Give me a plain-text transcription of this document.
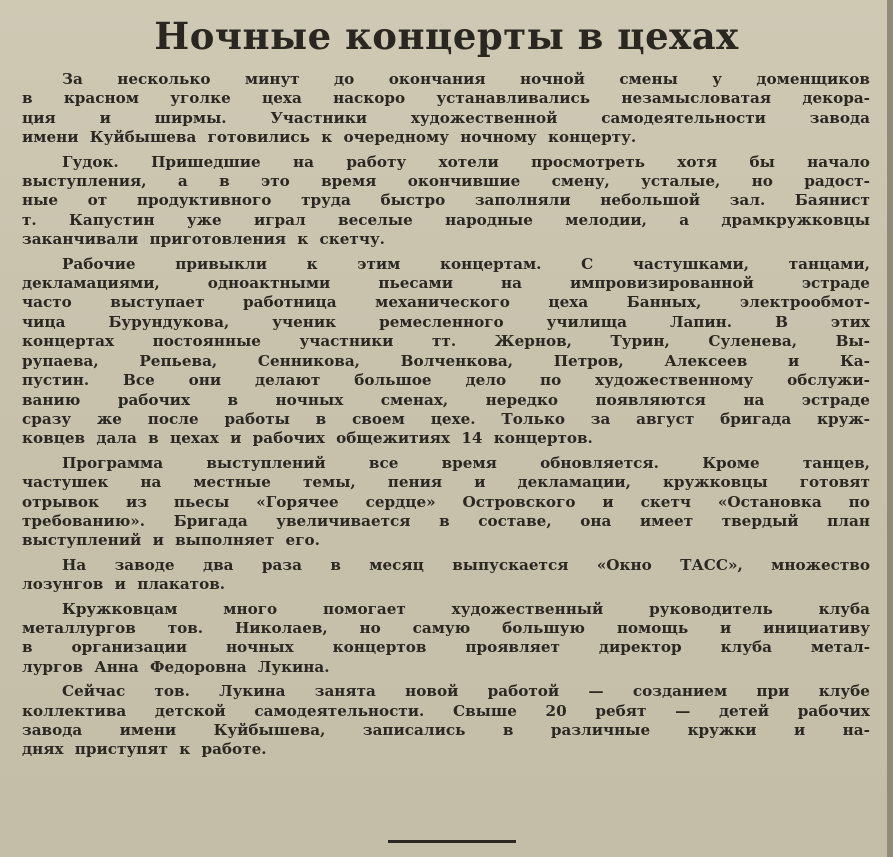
Ночные концерты в цехах
За несколько минут до окончания ночной смены у доменщиков
в красном уголке цеха наскоро устанавливались незамысловатая декора-
ция	и	ширмы.	Участники	художественной	самодеятельности	завода
имени Куйбышева готовились к очередному ночному концерту.
Гудок. Пришедшие на работу хотели просмотреть хотя бы начало
выступления, а в это время окончившие смену, усталые, но радост-
ные от продуктивного труда быстро заполняли небольшой зал. Баянист
т. Капустин уже играл веселые народные мелодии, а драмкружковцы
заканчивали приготовления к скетчу.
Рабочие	привыкли	к	этим	концертам.	С	частушками,	танцами,
декламациями,	одноактными	пьесами	на	импровизированной	эстраде
часто	выступает	работница	механического	цеха	Банных,	электрообмот-
чица	Бурундукова,	ученик	ремесленного	училища	Лапин.	В	этих
концертах	постоянные	участники	тт.	Жернов,	Турин,	Суленева,	Вы-
рупаева,	Репьева,	Сенникова,	Волченкова,	Петров,	Алексеев	и	Ка-
пустин. Все они делают большое дело по художественному обслужи-
ванию рабочих в ночных сменах, нередко появляются на эстраде
сразу же после работы в своем цехе. Только за август бригада круж-
ковцев дала в цехах и рабочих общежитиях 14 концертов.
Программа	выступлений	все	время	обновляется.	Кроме	танцев,
частушек на местные темы, пения и декламации, кружковцы готовят
отрывок из пьесы «Горячее сердце» Островского и скетч «Остановка по
требованию». Бригада увеличивается в составе, она имеет твердый план
выступлений и выполняет его.
На заводе два раза в месяц выпускается «Окно ТАСС», множество
лозунгов и плакатов.
Кружковцам	много	помогает	художественный	руководитель	клуба
металлургов тов. Николаев, но самую большую помощь и инициативу
в	организации	ночных	концертов	проявляет	директор	клуба	метал-
лургов Анна Федоровна Лукина.
Сейчас тов. Лукина занята новой работой — созданием при клубе
коллектива детской самодеятельности. Свыше 20 ребят — детей рабочих
завода имени Куйбышева, записались в различные кружки и на-
днях приступят к работе.
